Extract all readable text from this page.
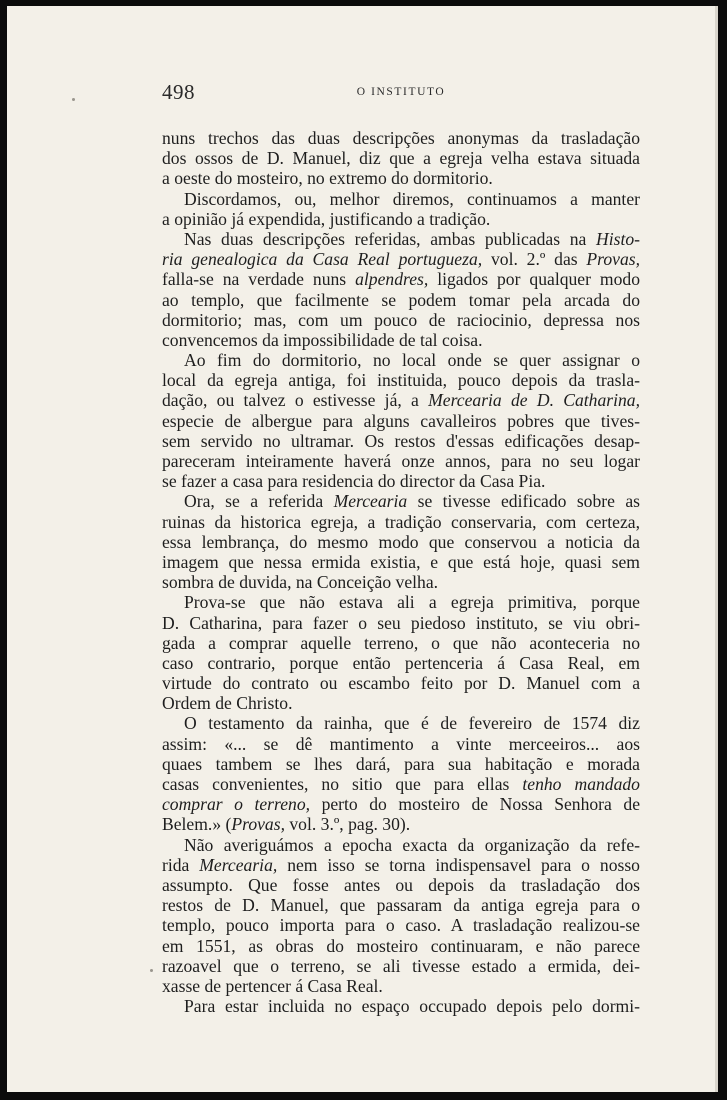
498	O INSTITUTO
nuns trechos das duas descripções anonymas da trasladação
dos ossos de D. Manuel, diz que a egreja velha estava situada
a oeste do mosteiro, no extremo do dormitorio.
Discordamos, ou, melhor diremos, continuamos a manter
a opinião já expendida, justificando a tradição.
Nas duas descripções referidas, ambas publicadas na Histo-
ria genealogica da Casa Real portugueza, vol. 2.º das Provas,
falla-se na verdade nuns alpendres, ligados por qualquer modo
ao templo, que facilmente se podem tomar pela arcada do
dormitorio; mas, com um pouco de raciocinio, depressa nos
convencemos da impossibilidade de tal coisa.
Ao fim do dormitorio, no local onde se quer assignar o
local da egreja antiga, foi instituida, pouco depois da trasla-
dação, ou talvez o estivesse já, a Mercearia de D. Catharina,
especie de albergue para alguns cavalleiros pobres que tives-
sem servido no ultramar. Os restos d'essas edificações desap-
pareceram inteiramente haverá onze annos, para no seu logar
se fazer a casa para residencia do director da Casa Pia.
Ora, se a referida Mercearia se tivesse edificado sobre as
ruinas da historica egreja, a tradição conservaria, com certeza,
essa lembrança, do mesmo modo que conservou a noticia da
imagem que nessa ermida existia, e que está hoje, quasi sem
sombra de duvida, na Conceição velha.
Prova-se que não estava ali a egreja primitiva, porque
D. Catharina, para fazer o seu piedoso instituto, se viu obri-
gada a comprar aquelle terreno, o que não aconteceria no
caso contrario, porque então pertenceria á Casa Real, em
virtude do contrato ou escambo feito por D. Manuel com a
Ordem de Christo.
O testamento da rainha, que é de fevereiro de 1574 diz
assim: «... se dê mantimento a vinte merceeiros... aos
quaes tambem se lhes dará, para sua habitação e morada
casas convenientes, no sitio que para ellas tenho mandado
comprar o terreno, perto do mosteiro de Nossa Senhora de
Belem.» (Provas, vol. 3.º, pag. 30).
Não averiguámos a epocha exacta da organização da refe-
rida Mercearia, nem isso se torna indispensavel para o nosso
assumpto. Que fosse antes ou depois da trasladação dos
restos de D. Manuel, que passaram da antiga egreja para o
templo, pouco importa para o caso. A trasladação realizou-se
em 1551, as obras do mosteiro continuaram, e não parece
razoavel que o terreno, se ali tivesse estado a ermida, dei-
xasse de pertencer á Casa Real.
Para estar incluida no espaço occupado depois pelo dormi-
